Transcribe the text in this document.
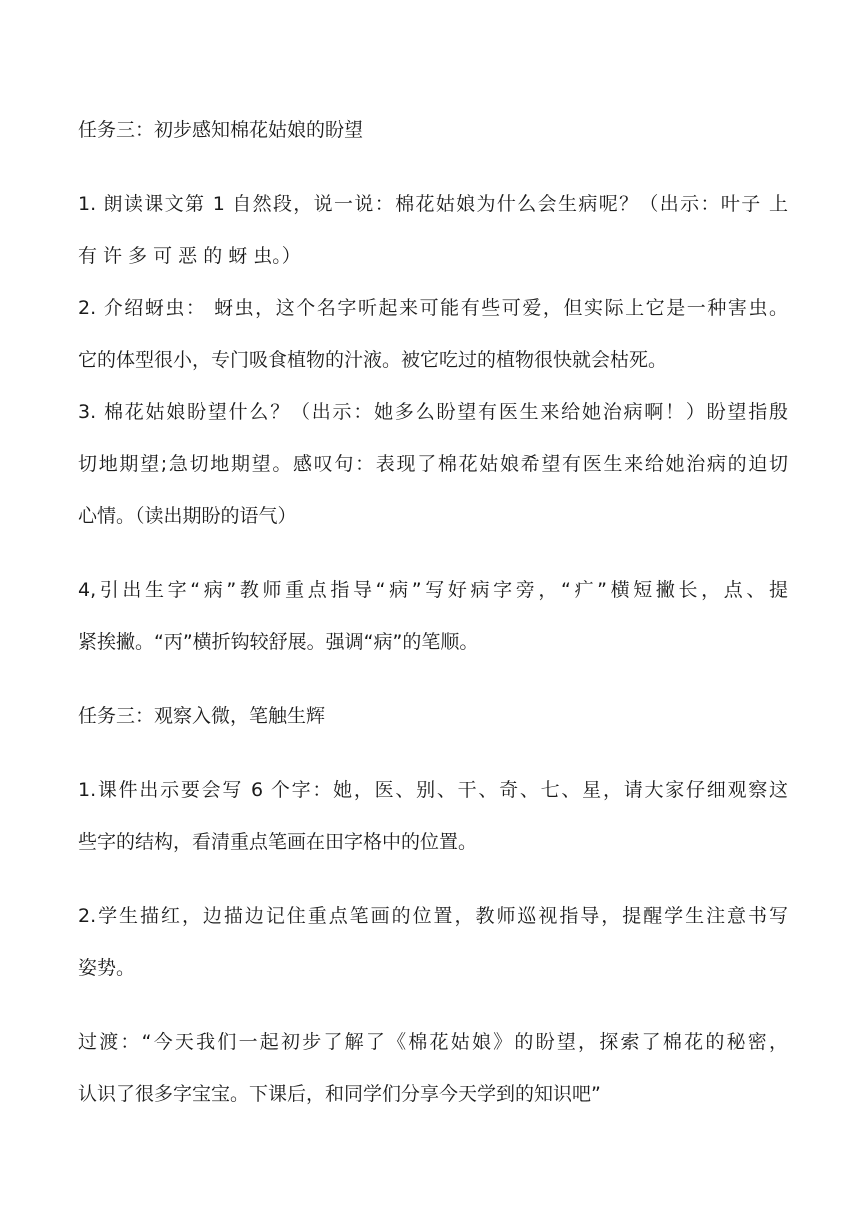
任务三：初步感知棉花姑娘的盼望

1. 朗读课文第 1 自然段，说一说：棉花姑娘为什么会生病呢？（出示：叶子 上
有 许 多 可 恶 的 蚜 虫。）

2. 介绍蚜虫： 蚜虫，这个名字听起来可能有些可爱，但实际上它是一种害虫。
它的体型很小，专门吸食植物的汁液。被它吃过的植物很快就会枯死。

3. 棉花姑娘盼望什么？（出示：她多么盼望有医生来给她治病啊！）盼望指殷
切地期望;急切地期望。感叹句：表现了棉花姑娘希望有医生来给她治病的迫切
心情。（读出期盼的语气）

4,引出生字“病”教师重点指导“病”写好病字旁，“疒”横短撇长，点、提
紧挨撇。“丙”横折钩较舒展。强调“病”的笔顺。

任务三：观察入微，笔触生辉

1.课件出示要会写 6 个字：她，医、别、干、奇、七、星，请大家仔细观察这
些字的结构，看清重点笔画在田字格中的位置。

2.学生描红，边描边记住重点笔画的位置，教师巡视指导，提醒学生注意书写
姿势。

过渡：“今天我们一起初步了解了《棉花姑娘》的盼望，探索了棉花的秘密，
认识了很多字宝宝。下课后，和同学们分享今天学到的知识吧”
